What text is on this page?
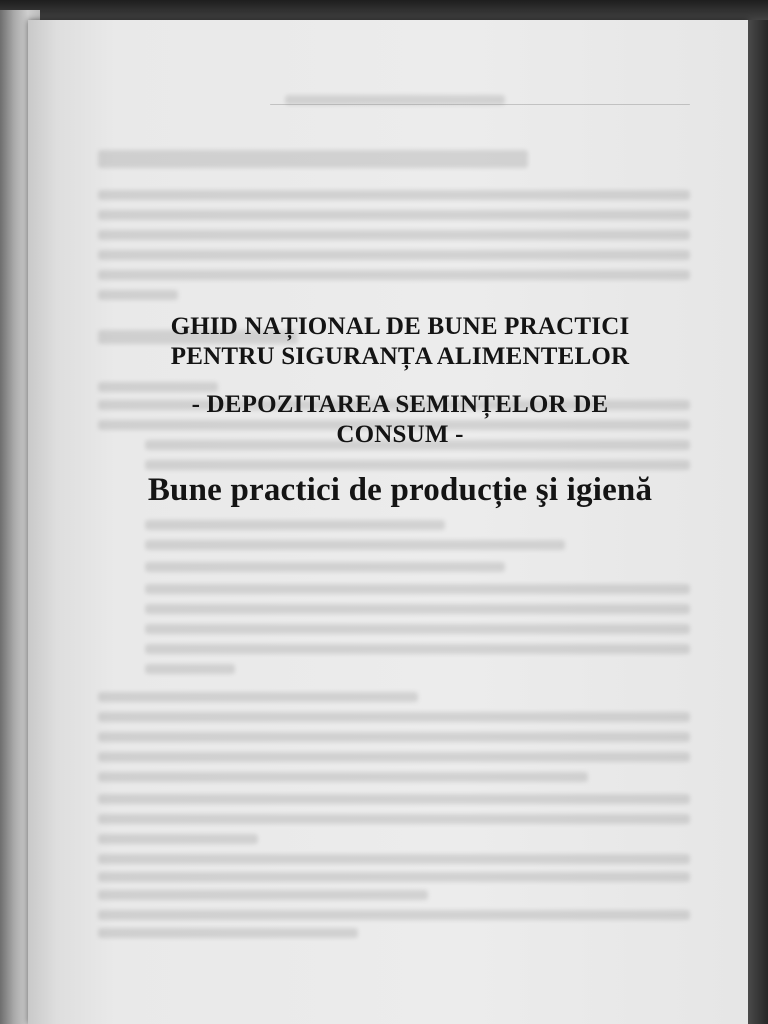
GHID NAȚIONAL DE BUNE PRACTICI

PENTRU SIGURANȚA ALIMENTELOR

- DEPOZITAREA SEMINȚELOR DE

CONSUM -

Bune practici de producție şi igienă
